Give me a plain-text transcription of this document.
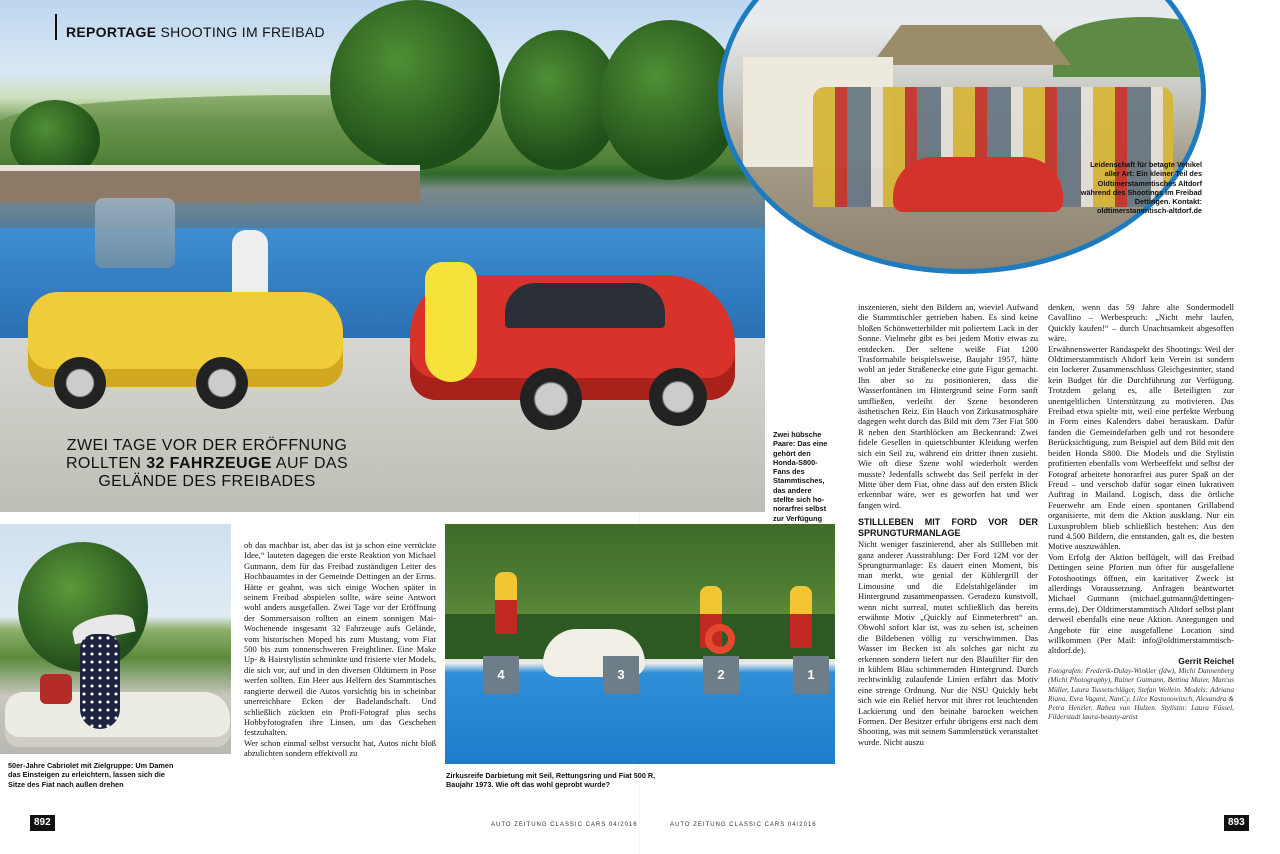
4	3	2	1
REPORTAGE SHOOTING IM FREIBAD
ZWEI TAGE VOR DER ERÖFFNUNG
ROLLTEN 32 FAHRZEUGE AUF DAS
GELÄNDE DES FREIBADES
Leidenschaft für betagte Vehikel aller Art: Ein kleiner Teil des Oldtimerstammtisches Altdorf während des Shootings im Freibad Dettingen. Kontakt: oldtimerstammtisch-altdorf.de
Zwei hübsche Paare: Das eine gehört den Honda-S800-Fans des Stammtisches, das andere stellte sich honorarfrei selbst zur Verfügung
50er-Jahre Cabriolet mit Zielgruppe: Um Damen das Einsteigen zu erleichtern, lassen sich die Sitze des Fiat nach außen drehen
Zirkusreife Darbietung mit Seil, Rettungsring und Fiat 500 R, Baujahr 1973. Wie oft das wohl geprobt wurde?

ob das machbar ist, aber das ist ja schon eine verrückte Idee,“ lauteten dagegen die erste Reaktion von Michael Gutmann, dem für das Freibad zuständigen Leiter des Hochbauamtes in der Gemeinde Dettingen an der Erms. Hätte er geahnt, was sich einige Wochen später in seinem Freibad abspielen sollte, wäre seine Antwort wohl anders ausgefallen. Zwei Tage vor der Eröffnung der Sommersaison rollten an einem sonnigen Mai-Wochenende insgesamt 32 Fahrzeuge aufs Gelände, vom historischen Moped bis zum Mustang, vom Fiat 500 bis zum tonnenschweren Freightliner. Eine Make Up- & Hairstylistin schminkte und frisierte vier Models, die sich vor, auf und in den diversen Oldtimern in Pose werfen sollten. Ein Heer aus Helfern des Stammtisches rangierte derweil die Autos vorsichtig bis in scheinbar unerreichbare Ecken der Badelandschaft. Und schließlich zückten ein Profi-Fotograf plus sechs Hobbyfotografen ihre Linsen, um das Geschehen festzuhalten.

Wer schon einmal selbst versucht hat, Autos nicht bloß abzulichten sondern effektvoll zu

inszenieren, sieht den Bildern an, wieviel Aufwand die Stammtischler getrieben haben. Es sind keine bloßen Schönwetterbilder mit poliertem Lack in der Sonne. Vielmehr gibt es bei jedem Motiv etwas zu entdecken. Der seltene weiße Fiat 1200 Trasformabile beispielsweise, Baujahr 1957, hätte wohl an jeder Straßenecke eine gute Figur gemacht. Ihn aber so zu positionieren, dass die Wasserfontänen im Hintergrund seine Form sanft umfließen, verleiht der Szene besonderen ästhetischen Reiz. Ein Hauch von Zirkusatmosphäre dagegen weht durch das Bild mit dem 73er Fiat 500 R neben den Startblöcken am Beckenrand: Zwei fidele Gesellen in quietschbunter Kleidung werfen sich ein Seil zu, während ein dritter ihnen zusieht. Wie oft diese Szene wohl wiederholt werden musste? Jedenfalls schwebt das Seil perfekt in der Mitte über dem Fiat, ohne dass auf den ersten Blick erkennbar wäre, wer es geworfen hat und wer fangen wird.

STILLLEBEN MIT FORD VOR DER SPRUNGTURMANLAGE

Nicht weniger faszinierend, aber als Stillleben mit ganz anderer Ausstrahlung: Der Ford 12M vor der Sprungturmanlage: Es dauert einen Moment, bis man merkt, wie genial der Kühlergrill der Limousine und die Edelstahlgeländer im Hintergrund zusammenpassen. Geradezu kunstvoll, wenn nicht surreal, mutet schließlich das bereits erwähnte Motiv „Quickly auf Einmeterbrett“ an. Obwohl sofort klar ist, was zu sehen ist, scheinen die Bildebenen völlig zu verschwimmen. Das Wasser im Becken ist als solches gar nicht zu erkennen sondern liefert nur den Blaufilter für den in kühlem Blau schimmernden Hintergrund. Durch rechtwinklig zulaufende Linien erfährt das Motiv eine strenge Ordnung. Nur die NSU Quickly hebt sich wie ein Relief hervor mit ihrer rot leuchtenden Lackierung und den beinahe barocken weichen Formen. Der Besitzer erfuhr übrigens erst nach dem Shooting, was mit seinem Sammlerstück veranstaltet wurde. Nicht auszu

denken, wenn das 59 Jahre alte Sondermodell Cavallino – Werbespruch: „Nicht mehr laufen, Quickly kaufen!“ – durch Unachtsamkeit abgesoffen wäre.

Erwähnenswerter Randaspekt des Shootings: Weil der Oldtimerstammtisch Altdorf kein Verein ist sondern ein lockerer Zusammenschluss Gleichgesinnter, stand kein Budget für die Durchführung zur Verfügung. Trotzdem gelang es, alle Beteiligten zur unentgeltlichen Unterstützung zu motivieren. Das Freibad etwa spielte mit, weil eine perfekte Werbung in Form eines Kalenders dabei herauskam. Dafür fanden die Gemeindefarben gelb und rot besondere Berücksichtigung, zum Beispiel auf dem Bild mit den beiden Honda S800. Die Models und die Stylistin profitierten ebenfalls vom Werbeeffekt und selbst der Fotograf arbeitete honorarfrei aus purer Spaß an der Freud – und verschob dafür sogar einen lukrativen Auftrag in Mailand. Logisch, dass die örtliche Feuerwehr am Ende einen spontanen Grillabend organisierte, mit dem die Aktion ausklang. Nur ein Luxusproblem blieb schließlich bestehen: Aus den rund 4.500 Bildern, die entstanden, galt es, die besten Motive auszuwählen.

Vom Erfolg der Aktion beflügelt, will das Freibad Dettingen seine Pforten nun öfter für ausgefallene Fotoshootings öffnen, ein karitativer Zweck ist allerdings Voraussetzung. Anfragen beantwortet Michael Gutmann (michael.gutmann@dettingen-erms.de). Der Oldtimerstammtisch Altdorf selbst plant derweil ebenfalls eine neue Aktion. Anregungen und Angebote für eine ausgefallene Location sind willkommen (Per Mail: info@oldtimerstammtisch-altdorf.de).

Gerrit Reichel

Fotografen: Frederik-Dulay-Winkler (fdw), Michi Dannenberg (Michi Photography), Rainer Gutmann, Bettina Maier, Marcus Müller, Laura Tussetschläger, Stefan Wellein. Models: Adriana Riana, Esra Vagant, NanCy, Lilce Kastonowitsch, Alexandra & Petra Henzler, Rabea van Hulzen. Stylistin: Laura Füssel, Filderstadt laura-beauty-artist

892	893
AUTO ZEITUNG CLASSIC CARS 04/2016	AUTO ZEITUNG CLASSIC CARS 04/2016
